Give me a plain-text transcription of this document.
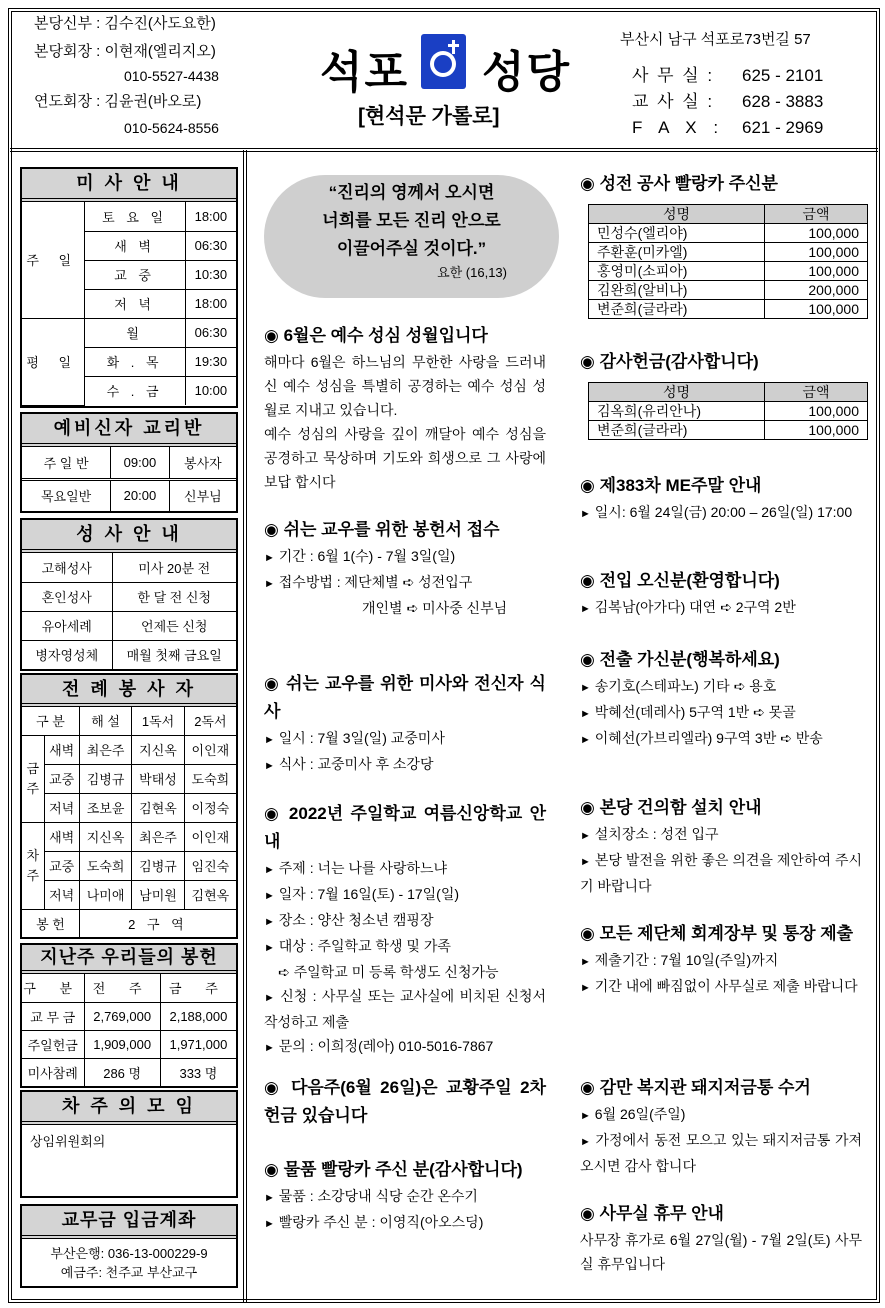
본당신부 : 김수진(사도요한)
본당회장 : 이현재(엘리지오)
010-5527-4438
연도회장 : 김윤권(바오로)
010-5624-8556
석포 성당
[현석문 가롤로]
부산시 남구 석포로73번길 57
사 무 실 : 625 - 2101
교 사 실 : 628 - 3883
F A X : 621 - 2969
미 사 안 내
주 일	토 요 일	18:00
	새 벽	06:30
	교 중	10:30
	저 녁	18:00
평 일	월	06:30
	화 . 목	19:30
	수 . 금	10:00
예비신자 교리반
주 일 반	09:00	봉사자
목요일반	20:00	신부님
성 사 안 내
고해성사	미사 20분 전
혼인성사	한 달 전 신청
유아세례	언제든 신청
병자영성체	매월 첫째 금요일
전 례 봉 사 자
구 분		해 설	1독서	2독서
금주	새벽	최은주	지신옥	이인재
	교중	김병규	박태성	도숙희
	저녁	조보윤	김현옥	이정숙
차주	새벽	지신옥	최은주	이인재
	교중	도숙희	김병규	임진숙
	저녁	나미애	남미원	김현옥
봉 헌		2 구 역		
지난주 우리들의 봉헌
구 분	전 주	금 주
교 무 금	2,769,000	2,188,000
주일헌금	1,909,000	1,971,000
미사참례	286 명	333 명
차 주 의 모 임
상임위원회의
교무금 입금계좌
부산은행: 036-13-000229-9
예금주: 천주교 부산교구
“진리의 영께서 오시면
너희를 모든 진리 안으로
이끌어주실 것이다.”
요한 (16,13)
◉ 6월은 예수 성심 성월입니다

해마다 6월은 하느님의 무한한 사랑을 드러내신 예수 성심을 특별히 공경하는 예수 성심 성월로 지내고 있습니다.

예수 성심의 사랑을 깊이 깨달아 예수 성심을 공경하고 묵상하며 기도와 희생으로 그 사랑에 보답 합시다

◉ 쉬는 교우를 위한 봉헌서 접수

► 기간 : 6월 1(수) - 7월 3일(일)

► 접수방법 : 제단체별 ➪ 성전입구

개인별 ➪ 미사중 신부님

◉ 쉬는 교우를 위한 미사와 전신자 식사

► 일시 : 7월 3일(일) 교중미사

► 식사 : 교중미사 후 소강당

◉ 2022년 주일학교 여름신앙학교 안내

► 주제 : 너는 나를 사랑하느냐

► 일자 : 7월 16일(토) - 17일(일)

► 장소 : 양산 청소년 캠핑장

► 대상 : 주일학교 학생 및 가족

➪ 주일학교 미 등록 학생도 신청가능

► 신청 : 사무실 또는 교사실에 비치된 신청서 작성하고 제출

► 문의 : 이희정(레아) 010-5016-7867

◉ 다음주(6월 26일)은 교황주일 2차 헌금 있습니다
◉ 물품 빨랑카 주신 분(감사합니다)

► 물품 : 소강당내 식당 순간 온수기

► 빨랑카 주신 분 : 이영직(아오스딩)

◉ 성전 공사 빨랑카 주신분
성명	금액
민성수(엘리야)	100,000
주환훈(미카엘)	100,000
홍영미(소피아)	100,000
김완희(알비나)	200,000
변준희(글라라)	100,000
◉ 감사헌금(감사합니다)
성명	금액
김옥희(유리안나)	100,000
변준희(글라라)	100,000
◉ 제383차 ME주말 안내

► 일시: 6월 24일(금) 20:00 – 26일(일) 17:00

◉ 전입 오신분(환영합니다)

► 김복남(아가다) 대연 ➪ 2구역 2반

◉ 전출 가신분(행복하세요)

► 송기호(스테파노) 기타 ➪ 용호

► 박혜선(데레사) 5구역 1반 ➪ 못골

► 이혜선(가브리엘라) 9구역 3반 ➪ 반송

◉ 본당 건의함 설치 안내

► 설치장소 : 성전 입구

► 본당 발전을 위한 좋은 의견을 제안하여 주시기 바랍니다

◉ 모든 제단체 회계장부 및 통장 제출

► 제출기간 : 7월 10일(주일)까지

► 기간 내에 빠짐없이 사무실로 제출 바랍니다

◉ 감만 복지관 돼지저금통 수거

► 6월 26일(주일)

► 가정에서 동전 모으고 있는 돼지저금통 가져오시면 감사 합니다

◉ 사무실 휴무 안내

사무장 휴가로 6월 27일(월) - 7월 2일(토) 사무실 휴무입니다
